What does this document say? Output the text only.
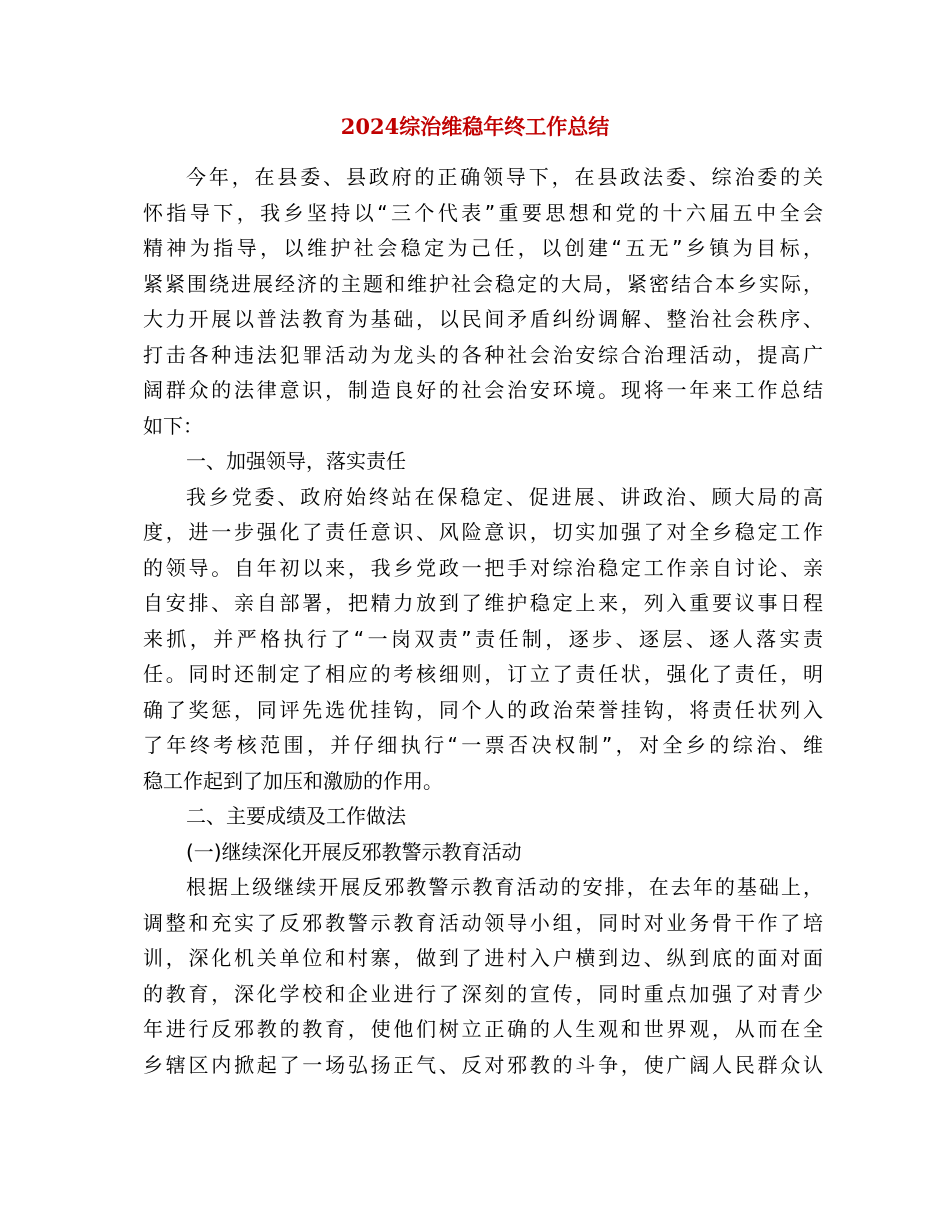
2024综治维稳年终工作总结

今年，在县委、县政府的正确领导下，在县政法委、综治委的关

怀指导下，我乡坚持以“三个代表”重要思想和党的十六届五中全会

精神为指导，以维护社会稳定为己任，以创建“五无”乡镇为目标，

紧紧围绕进展经济的主题和维护社会稳定的大局，紧密结合本乡实际，

大力开展以普法教育为基础，以民间矛盾纠纷调解、整治社会秩序、

打击各种违法犯罪活动为龙头的各种社会治安综合治理活动，提高广

阔群众的法律意识，制造良好的社会治安环境。现将一年来工作总结

如下：

一、加强领导，落实责任

我乡党委、政府始终站在保稳定、促进展、讲政治、顾大局的高

度，进一步强化了责任意识、风险意识，切实加强了对全乡稳定工作

的领导。自年初以来，我乡党政一把手对综治稳定工作亲自讨论、亲

自安排、亲自部署，把精力放到了维护稳定上来，列入重要议事日程

来抓，并严格执行了“一岗双责”责任制，逐步、逐层、逐人落实责

任。同时还制定了相应的考核细则，订立了责任状，强化了责任，明

确了奖惩，同评先选优挂钩，同个人的政治荣誉挂钩，将责任状列入

了年终考核范围，并仔细执行“一票否决权制”，对全乡的综治、维

稳工作起到了加压和激励的作用。

二、主要成绩及工作做法

(一)继续深化开展反邪教警示教育活动

根据上级继续开展反邪教警示教育活动的安排，在去年的基础上，

调整和充实了反邪教警示教育活动领导小组，同时对业务骨干作了培

训，深化机关单位和村寨，做到了进村入户横到边、纵到底的面对面

的教育，深化学校和企业进行了深刻的宣传，同时重点加强了对青少

年进行反邪教的教育，使他们树立正确的人生观和世界观，从而在全

乡辖区内掀起了一场弘扬正气、反对邪教的斗争，使广阔人民群众认
